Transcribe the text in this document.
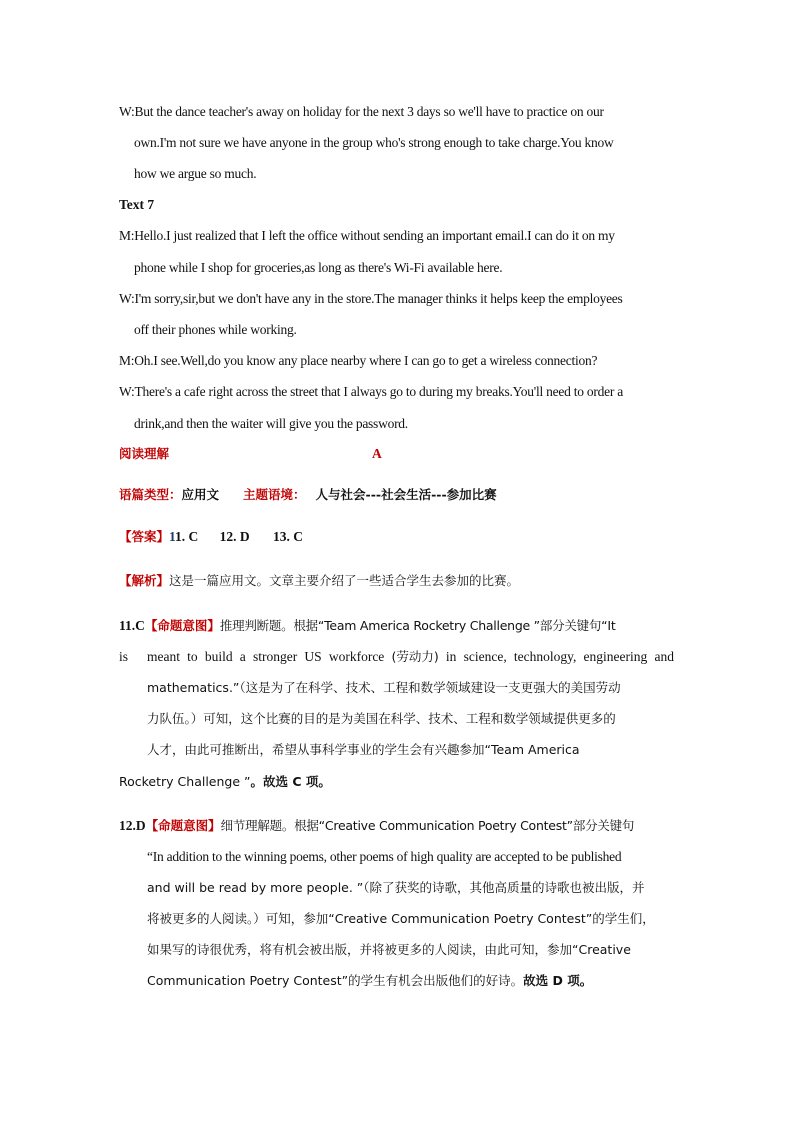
W:But the dance teacher's away on holiday for the next 3 days so we'll have to practice on our
own.I'm not sure we have anyone in the group who's strong enough to take charge.You know
how we argue so much.
Text 7
M:Hello.I just realized that I left the office without sending an important email.I can do it on my
phone while I shop for groceries,as long as there's Wi-Fi available here.
W:I'm sorry,sir,but we don't have any in the store.The manager thinks it helps keep the employees
off their phones while working.
M:Oh.I see.Well,do you know any place nearby where I can go to get a wireless connection?
W:There's a cafe right across the street that I always go to during my breaks.You'll need to order a
drink,and then the waiter will give you the password.
阅读理解	A
语篇类型：应用文 主题语境： 人与社会---社会生活---参加比赛
【答案】11. C 12. D 13. C
【解析】这是一篇应用文。文章主要介绍了一些适合学生去参加的比赛。
11.C【命题意图】推理判断题。根据“Team America Rocketry Challenge ”部分关键句“It
is meant to build a stronger US workforce (劳动力) in science, technology, engineering and
mathematics.”（这是为了在科学、技术、工程和数学领域建设一支更强大的美国劳动
力队伍。）可知，这个比赛的目的是为美国在科学、技术、工程和数学领域提供更多的
人才，由此可推断出，希望从事科学事业的学生会有兴趣参加“Team America
Rocketry Challenge ”。故选 C 项。
12.D【命题意图】细节理解题。根据“Creative Communication Poetry Contest”部分关键句
“In addition to the winning poems, other poems of high quality are accepted to be published
and will be read by more people. ”（除了获奖的诗歌，其他高质量的诗歌也被出版，并
将被更多的人阅读。）可知，参加“Creative Communication Poetry Contest”的学生们，
如果写的诗很优秀，将有机会被出版，并将被更多的人阅读，由此可知，参加“Creative
Communication Poetry Contest”的学生有机会出版他们的好诗。故选 D 项。
